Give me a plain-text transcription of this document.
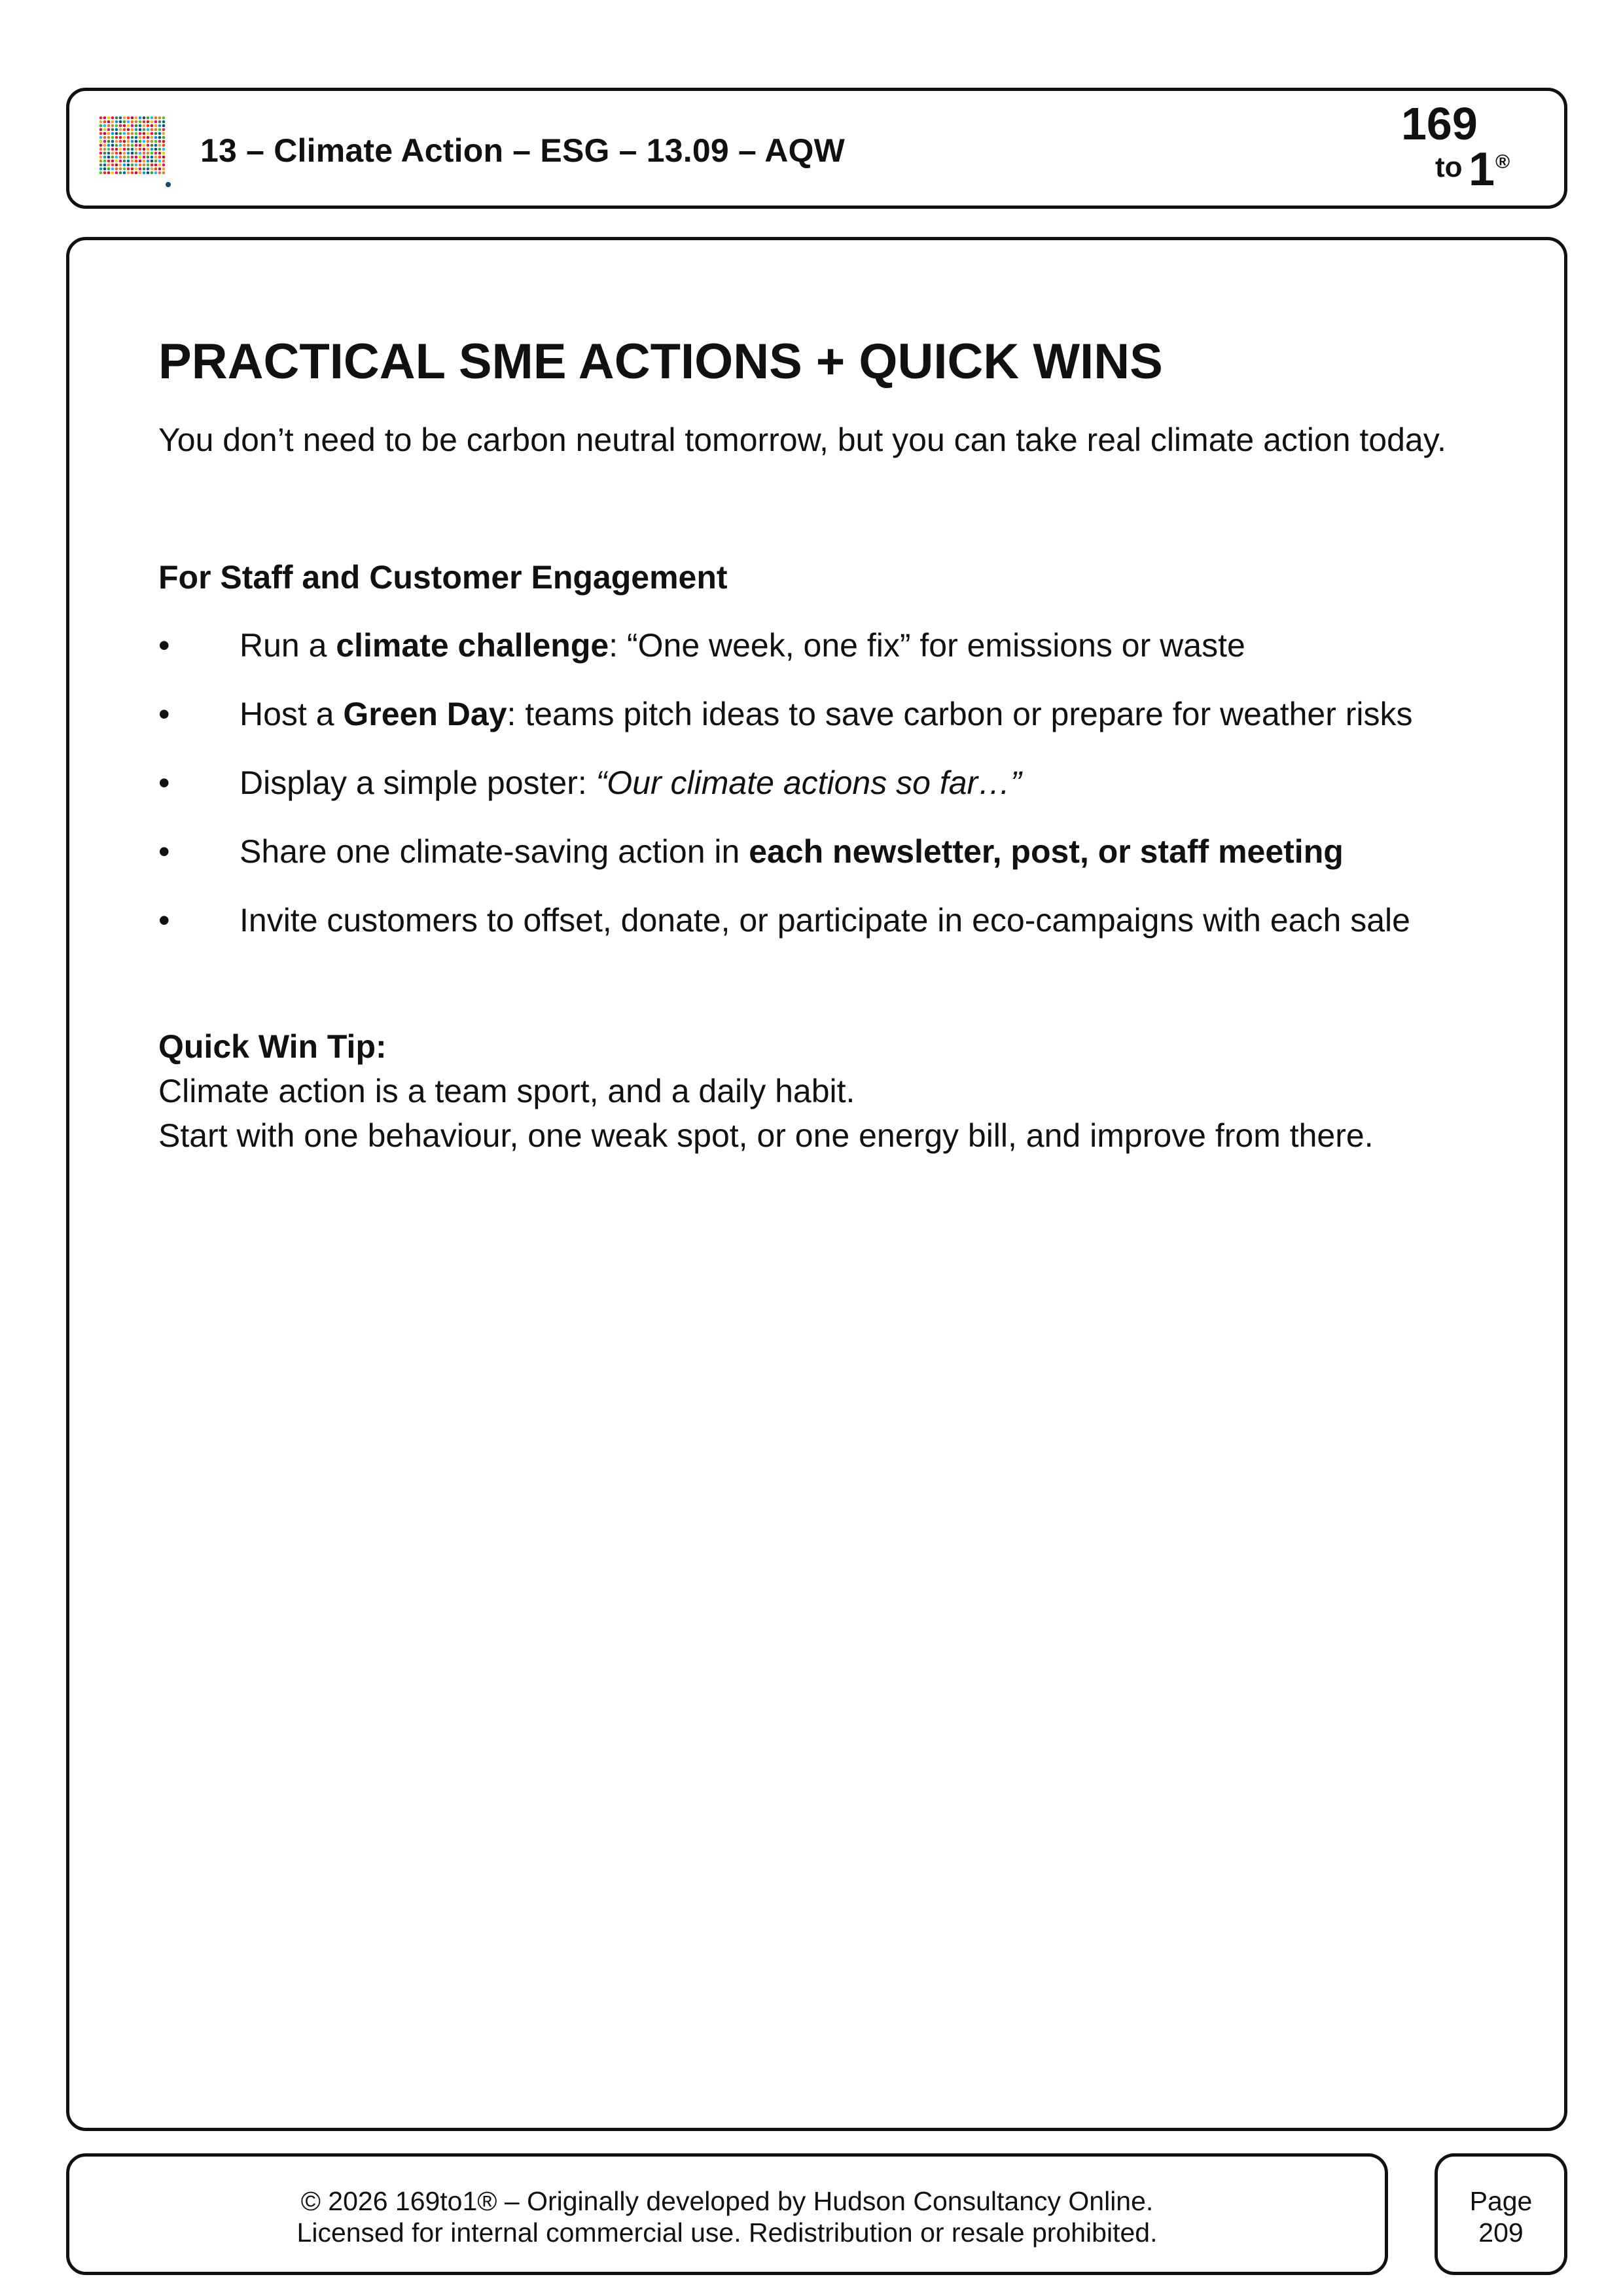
13 – Climate Action – ESG – 13.09 – AQW
169
to 1 ®
PRACTICAL SME ACTIONS + QUICK WINS

You don’t need to be carbon neutral tomorrow, but you can take real climate action today.

For Staff and Customer Engagement

•	Run a climate challenge: “One week, one fix” for emissions or waste
•	Host a Green Day: teams pitch ideas to save carbon or prepare for weather risks
•	Display a simple poster: “Our climate actions so far…”
•	Share one climate-saving action in each newsletter, post, or staff meeting
•	Invite customers to offset, donate, or participate in eco-campaigns with each sale

Quick Win Tip:

Climate action is a team sport, and a daily habit.

Start with one behaviour, one weak spot, or one energy bill, and improve from there.

© 2026 169to1® – Originally developed by Hudson Consultancy Online.
Licensed for internal commercial use. Redistribution or resale prohibited.
Page
209
